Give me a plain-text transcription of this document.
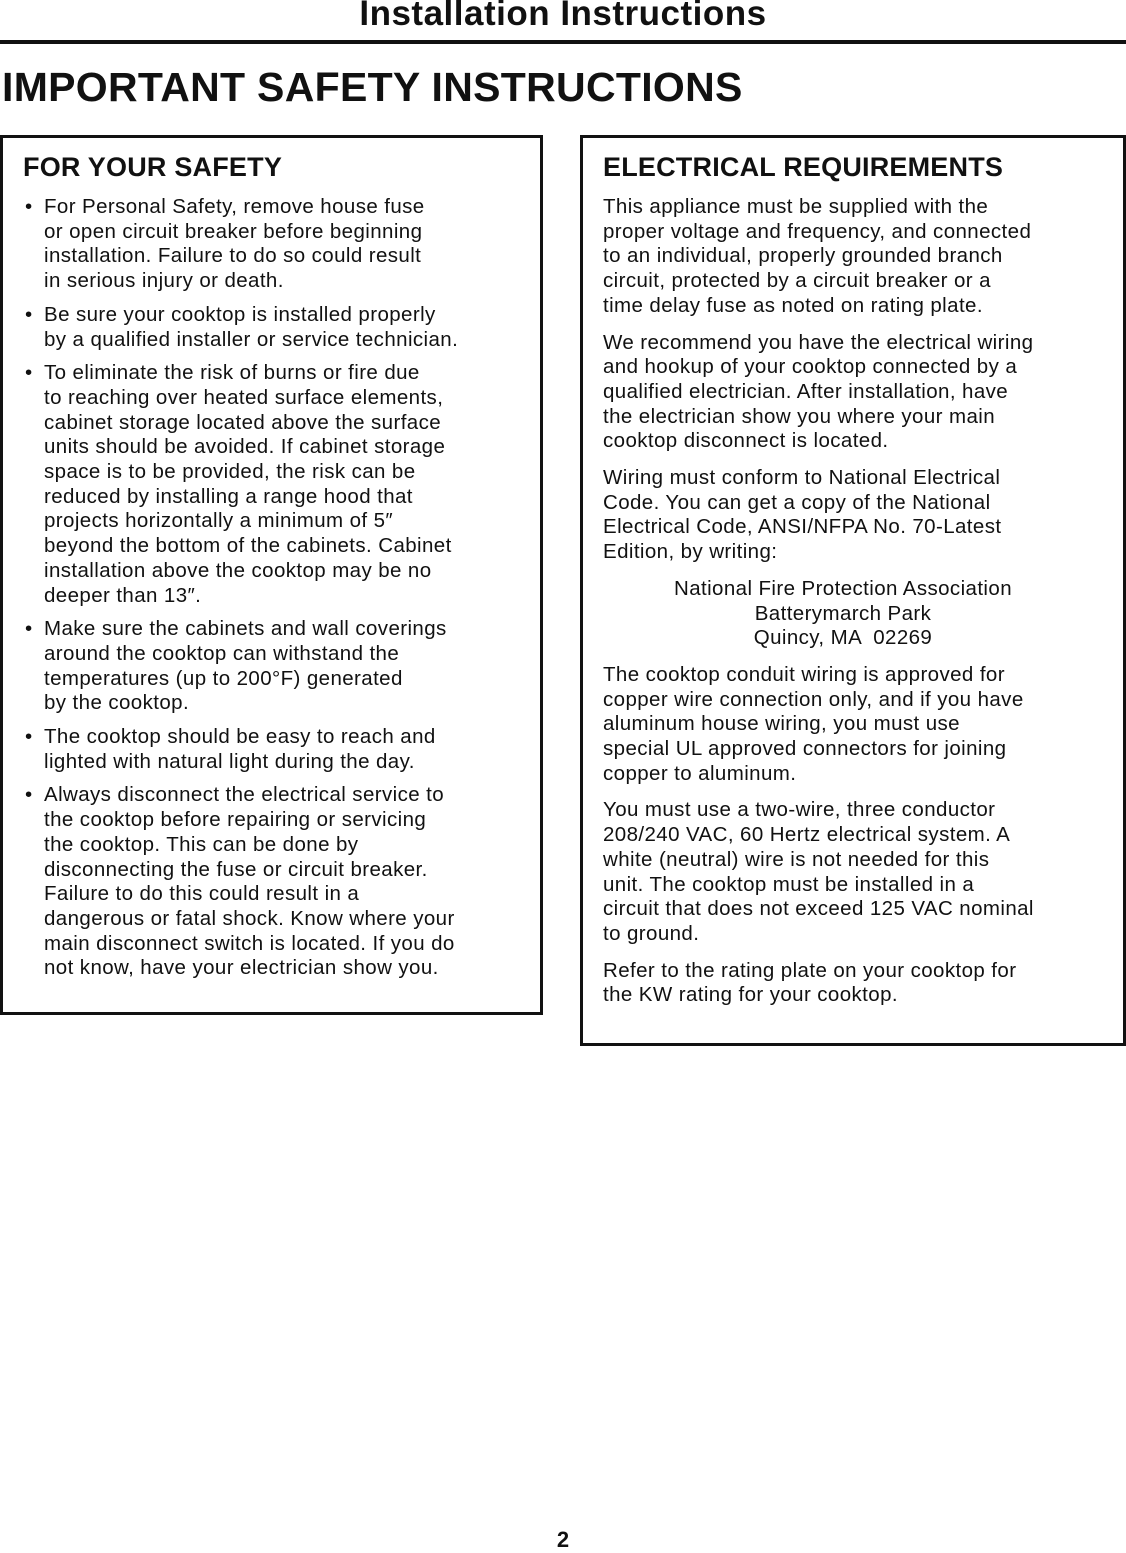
Installation Instructions
IMPORTANT SAFETY INSTRUCTIONS
FOR YOUR SAFETY
• For Personal Safety, remove house fuse
or open circuit breaker before beginning
installation. Failure to do so could result
in serious injury or death.
• Be sure your cooktop is installed properly
by a qualified installer or service technician.
• To eliminate the risk of burns or fire due
to reaching over heated surface elements,
cabinet storage located above the surface
units should be avoided. If cabinet storage
space is to be provided, the risk can be
reduced by installing a range hood that
projects horizontally a minimum of 5″
beyond the bottom of the cabinets. Cabinet
installation above the cooktop may be no
deeper than 13″.
• Make sure the cabinets and wall coverings
around the cooktop can withstand the
temperatures (up to 200°F) generated
by the cooktop.
• The cooktop should be easy to reach and
lighted with natural light during the day.
• Always disconnect the electrical service to
the cooktop before repairing or servicing
the cooktop. This can be done by
disconnecting the fuse or circuit breaker.
Failure to do this could result in a
dangerous or fatal shock. Know where your
main disconnect switch is located. If you do
not know, have your electrician show you.
ELECTRICAL REQUIREMENTS

This appliance must be supplied with the
proper voltage and frequency, and connected
to an individual, properly grounded branch
circuit, protected by a circuit breaker or a
time delay fuse as noted on rating plate.

We recommend you have the electrical wiring
and hookup of your cooktop connected by a
qualified electrician. After installation, have
the electrician show you where your main
cooktop disconnect is located.

Wiring must conform to National Electrical
Code. You can get a copy of the National
Electrical Code, ANSI/NFPA No. 70-Latest
Edition, by writing:

National Fire Protection Association
Batterymarch Park
Quincy, MA  02269

The cooktop conduit wiring is approved for
copper wire connection only, and if you have
aluminum house wiring, you must use
special UL approved connectors for joining
copper to aluminum.

You must use a two-wire, three conductor
208/240 VAC, 60 Hertz electrical system. A
white (neutral) wire is not needed for this
unit. The cooktop must be installed in a
circuit that does not exceed 125 VAC nominal
to ground.

Refer to the rating plate on your cooktop for
the KW rating for your cooktop.

2
